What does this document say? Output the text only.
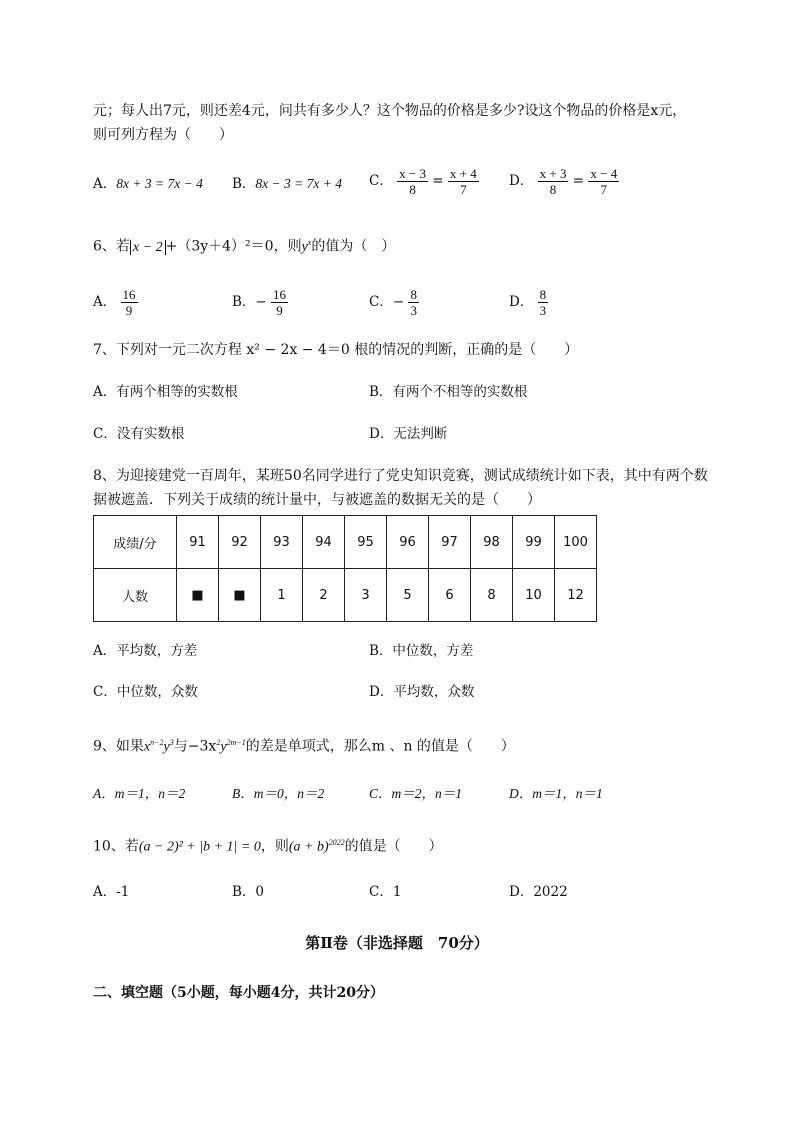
元；每人出7元，则还差4元，问共有多少人？这个物品的价格是多少?设这个物品的价格是x元，
则可列方程为（　　）
A．8x + 3 = 7x − 4 B．8x − 3 = 7x + 4 C． $\frac{x - 3}{8} = \frac{x + 4}{7}$ D． $\frac{x + 3}{8} = \frac{x - 4}{7}$
6、若 x − 2 +（3y＋4）²＝0，则$y^x$的值为（　）
A． $\frac{16}{9}$	B．− $\frac{16}{9}$	C．− $\frac{8}{3}$	D． $\frac{8}{3}$
7、下列对一元二次方程 x² − 2x − 4＝0 根的情况的判断，正确的是（　　）
A．有两个相等的实数根	B．有两个不相等的实数根
C．没有实数根	D．无法判断
8、为迎接建党一百周年，某班50名同学进行了党史知识竞赛，测试成绩统计如下表，其中有两个数
据被遮盖．下列关于成绩的统计量中，与被遮盖的数据无关的是（　　）
成绩/分	91	92	93	94	95	96	97	98	99	100
人数	■	■	1	2	3	5	6	8	10	12
A．平均数，方差	B．中位数，方差
C．中位数，众数	D．平均数，众数
9、如果$x^{n-2}y^3$与$-3x^2y^{2m-1}$的差是单项式，那么m 、n 的值是（　　）
A．m＝1，n＝2	B．m＝0，n＝2	C．m＝2，n＝1	D．m＝1，n＝1
10、若(a − 2)² + |b + 1| = 0，则$(a + b)^{2022}$的值是（　　）
A．-1	B．0	C．1	D．2022
第Ⅱ卷（非选择题　70分）
二、填空题（5小题，每小题4分，共计20分）
